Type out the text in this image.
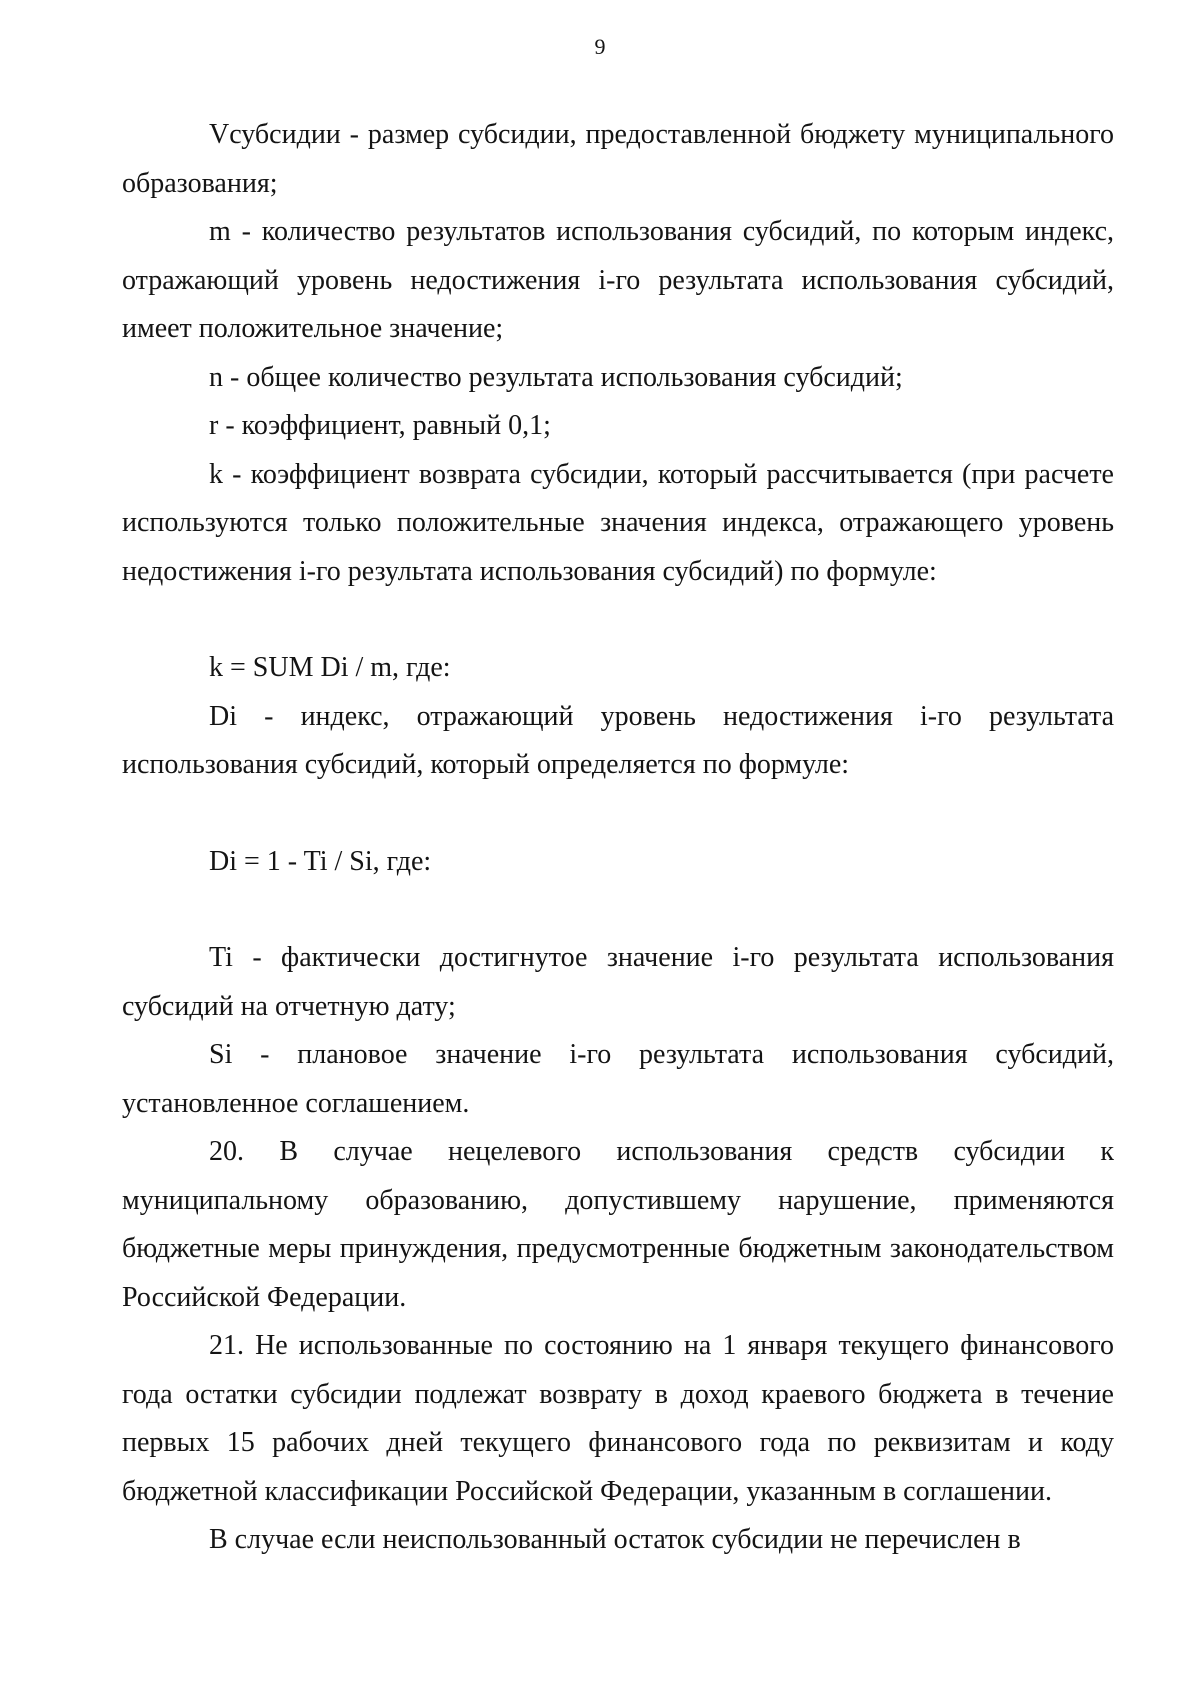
9

Vсубсидии - размер субсидии, предоставленной бюджету муниципального образования;

m - количество результатов использования субсидий, по которым индекс, отражающий уровень недостижения i-го результата использования субсидий, имеет положительное значение;

n - общее количество результата использования субсидий;

r - коэффициент, равный 0,1;

k - коэффициент возврата субсидии, который рассчитывается (при расчете используются только положительные значения индекса, отражающего уровень недостижения i-го результата использования субсидий) по формуле:

k = SUM Di / m, где:

Di - индекс, отражающий уровень недостижения i-го результата использования субсидий, который определяется по формуле:

Di = 1 - Ti / Si, где:

Ti - фактически достигнутое значение i-го результата использования субсидий на отчетную дату;

Si - плановое значение i-го результата использования субсидий, установленное соглашением.

20. В случае нецелевого использования средств субсидии к муниципальному образованию, допустившему нарушение, применяются бюджетные меры принуждения, предусмотренные бюджетным законодательством Российской Федерации.

21. Не использованные по состоянию на 1 января текущего финансового года остатки субсидии подлежат возврату в доход краевого бюджета в течение первых 15 рабочих дней текущего финансового года по реквизитам и коду бюджетной классификации Российской Федерации, указанным в соглашении.

В случае если неиспользованный остаток субсидии не перечислен в
